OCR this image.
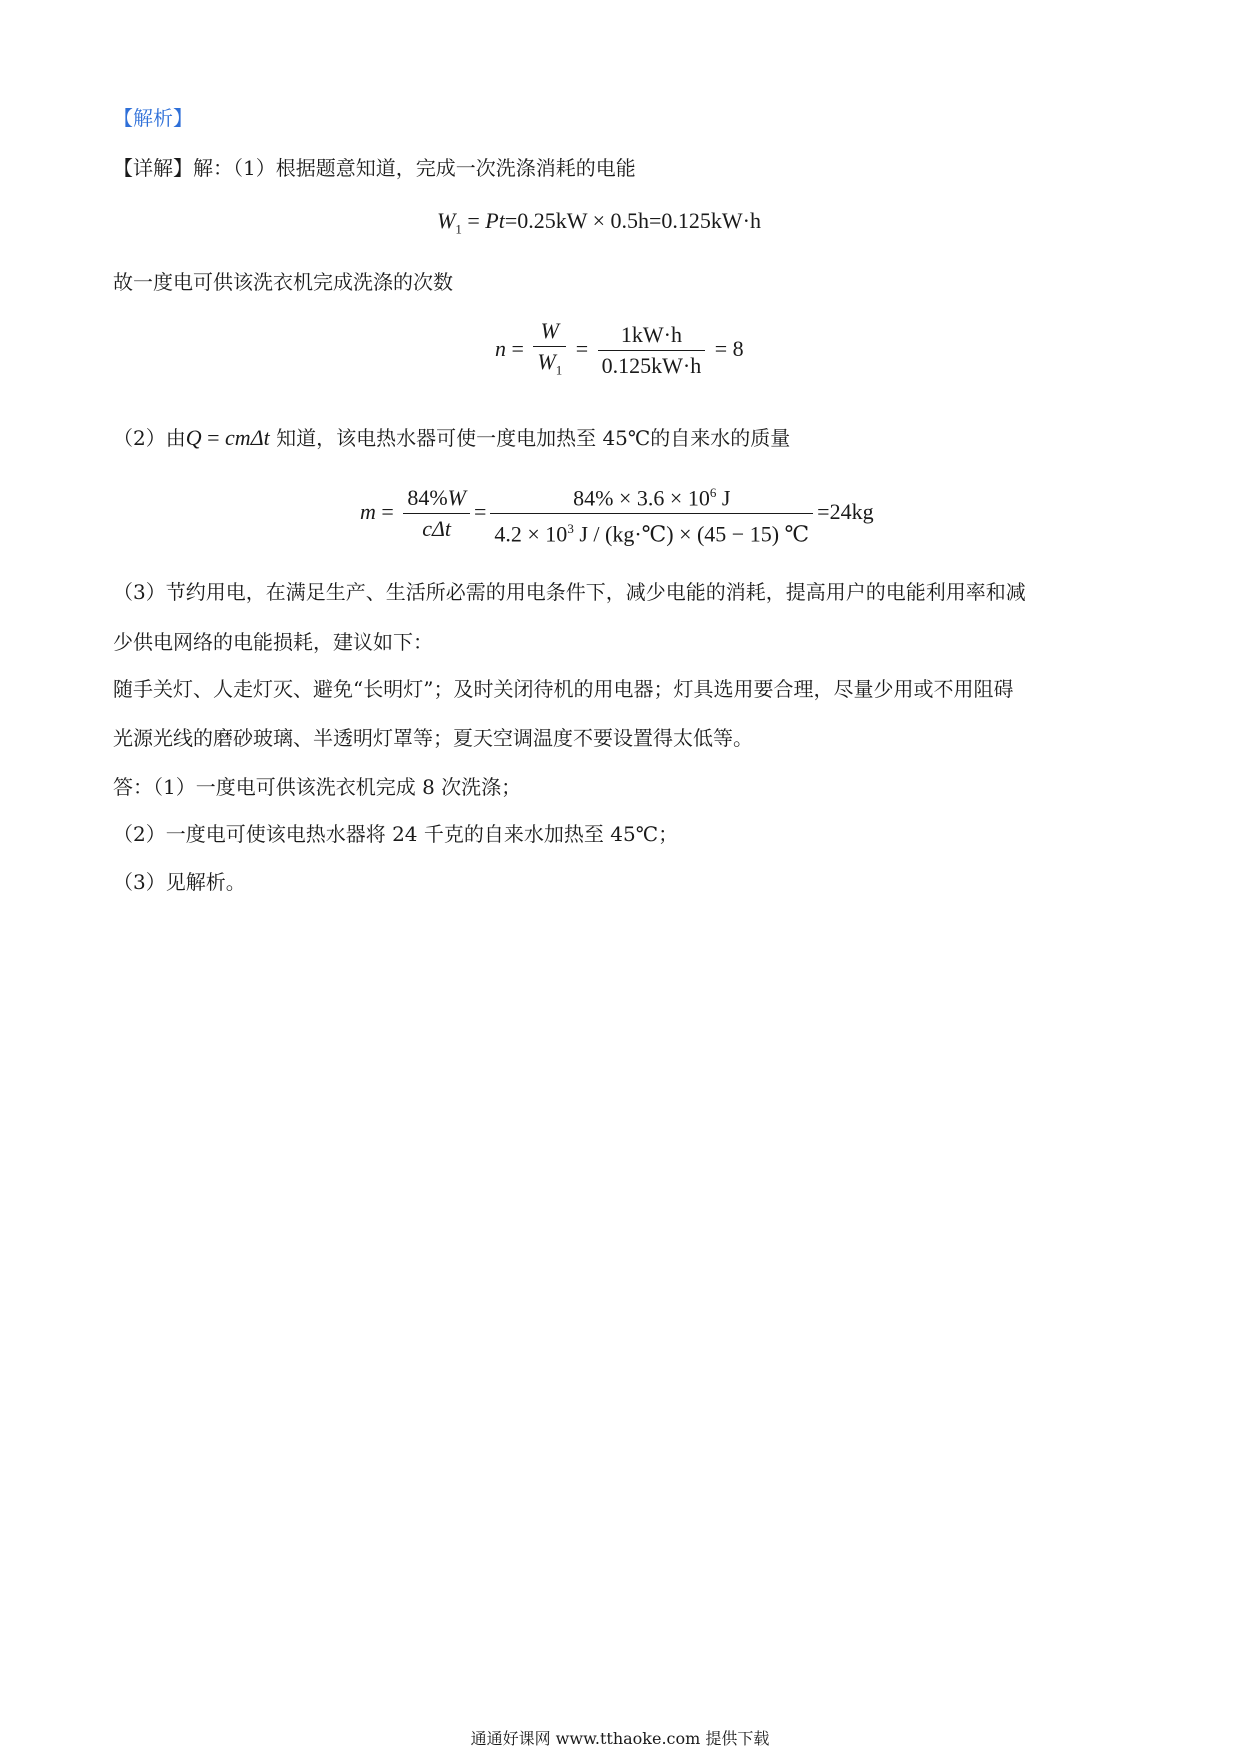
【解析】
【详解】解：（1）根据题意知道，完成一次洗涤消耗的电能
$W_1 = Pt=0.25kW \times 0.5h=0.125kW\cdot h$
故一度电可供该洗衣机完成洗涤的次数
$n = \frac{W}{W_1} = \frac{1kW\cdot h}{0.125kW\cdot h} = 8$
（2）由Q = cmΔt 知道，该电热水器可使一度电加热至 45℃的自来水的质量
$m = \frac{84\%W}{\text{cΔt}} = \frac{84\% \times 3.6 \times 10^6 J}{4.2 \times 10^3 J / (kg\cdot℃) \times (45 - 15) ℃} =24kg$
（3）节约用电，在满足生产、生活所必需的用电条件下，减少电能的消耗，提高用户的电能利用率和减
少供电网络的电能损耗，建议如下：
随手关灯、人走灯灭、避免“长明灯”；及时关闭待机的用电器；灯具选用要合理，尽量少用或不用阻碍
光源光线的磨砂玻璃、半透明灯罩等；夏天空调温度不要设置得太低等。
答：（1）一度电可供该洗衣机完成 8 次洗涤；
（2）一度电可使该电热水器将 24 千克的自来水加热至 45℃；
（3）见解析。
通通好课网 www.tthaoke.com 提供下载
